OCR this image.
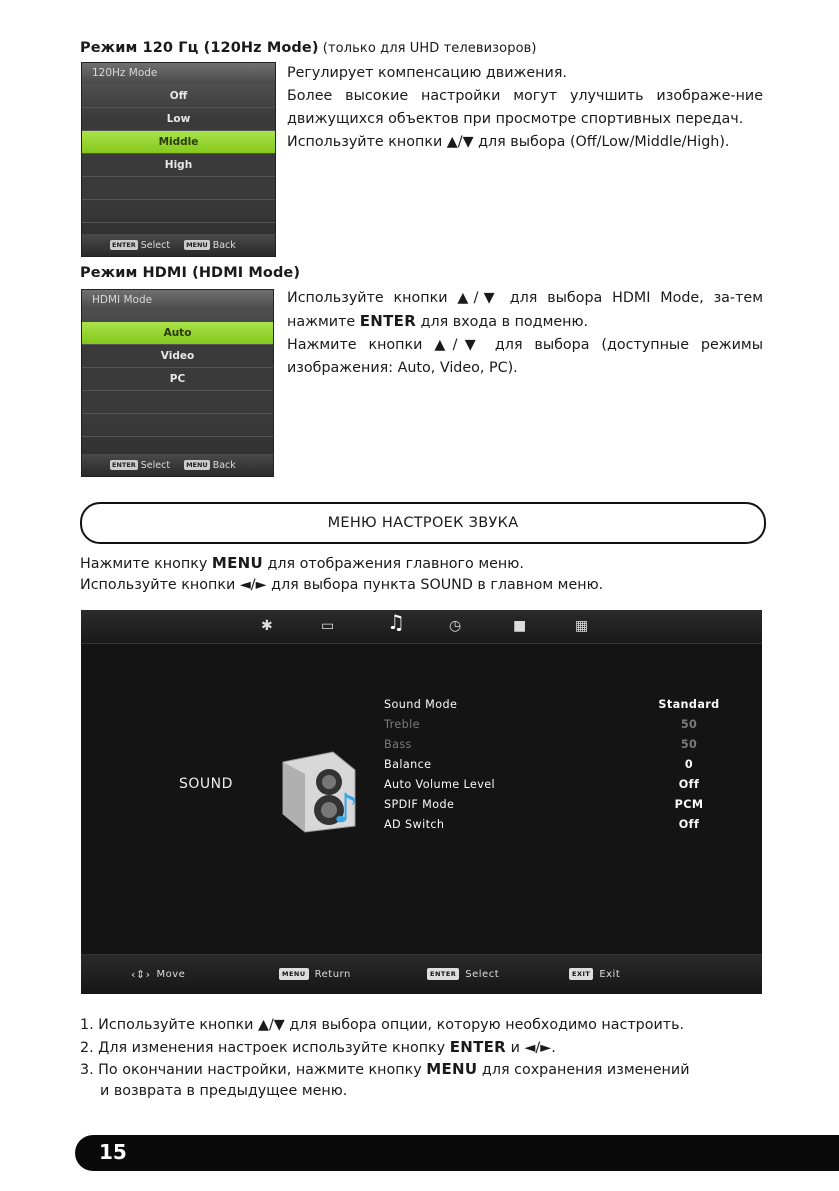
Режим 120 Гц (120Hz Mode) (только для UHD телевизоров)
120Hz Mode
Off
Low
Middle
High
ENTER Select	MENU Back

Регулирует компенсацию движения.

Более высокие настройки могут улучшить изображе-ние движущихся объектов при просмотре спортивных передач.

Используйте кнопки ▲/▼ для выбора (Off/Low/Middle/High).

Режим HDMI (HDMI Mode)
HDMI Mode
Auto
Video
PC
ENTER Select	MENU Back

Используйте кнопки ▲/▼ для выбора HDMI Mode, за-тем нажмите ENTER для входа в подменю.

Нажмите кнопки ▲/▼ для выбора (доступные режимы изображения: Auto, Video, PC).

МЕНЮ НАСТРОЕК ЗВУКА
Нажмите кнопку MENU для отображения главного меню.
Используйте кнопки ◄/► для выбора пункта SOUND в главном меню.
✱	▭	♫	◷	■	▦
SOUND
♪
Sound Mode	Standard
Treble	50
Bass	50
Balance	0
Auto Volume Level	Off
SPDIF Mode	PCM
AD Switch	Off
‹⇕› Move	MENU Return	ENTER Select	EXIT Exit
1. Используйте кнопки ▲/▼ для выбора опции, которую необходимо настроить.
2. Для изменения настроек используйте кнопку ENTER и ◄/►.
3. По окончании настройки, нажмите кнопку MENU для сохранения изменений
и возврата в предыдущее меню.
15
